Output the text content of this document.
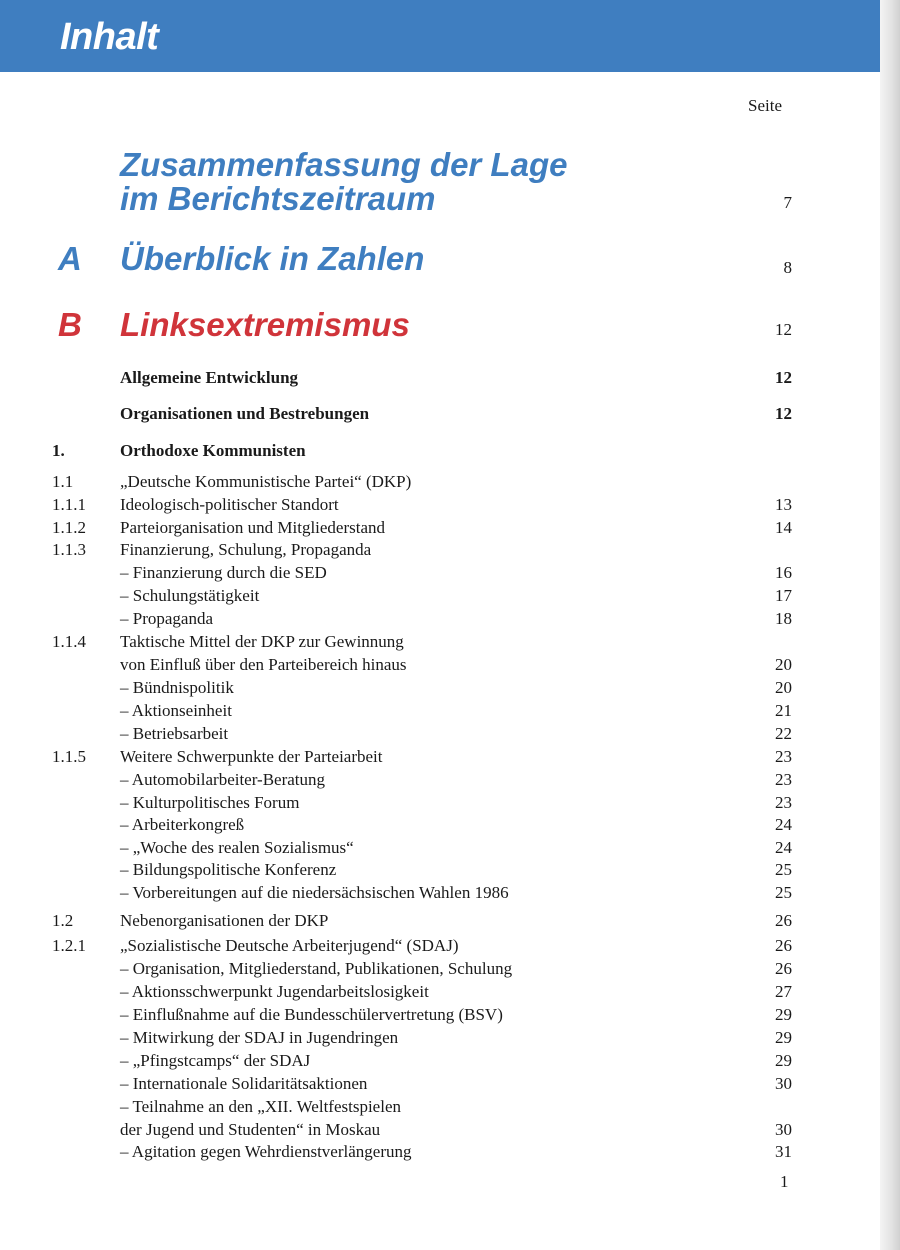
Inhalt
Seite
Zusammenfassung der Lage
im Berichtszeitraum	7
A Überblick in Zahlen	8
B Linksextremismus	12
Allgemeine Entwicklung	12
Organisationen und Bestrebungen	12
1.	Orthodoxe Kommunisten
1.1	„Deutsche Kommunistische Partei“ (DKP)
1.1.1 Ideologisch-politischer Standort	13
1.1.2 Parteiorganisation und Mitgliederstand	14
1.1.3 Finanzierung, Schulung, Propaganda
– Finanzierung durch die SED	16
– Schulungstätigkeit	17
– Propaganda	18
1.1.4 Taktische Mittel der DKP zur Gewinnung
von Einfluß über den Parteibereich hinaus	20
– Bündnispolitik	20
– Aktionseinheit	21
– Betriebsarbeit	22
1.1.5 Weitere Schwerpunkte der Parteiarbeit	23
– Automobilarbeiter-Beratung	23
– Kulturpolitisches Forum	23
– Arbeiterkongreß	24
– „Woche des realen Sozialismus“	24
– Bildungspolitische Konferenz	25
– Vorbereitungen auf die niedersächsischen Wahlen 1986	25
1.2	Nebenorganisationen der DKP	26
1.2.1 „Sozialistische Deutsche Arbeiterjugend“ (SDAJ)	26
– Organisation, Mitgliederstand, Publikationen, Schulung	26
– Aktionsschwerpunkt Jugendarbeitslosigkeit	27
– Einflußnahme auf die Bundesschülervertretung (BSV)	29
– Mitwirkung der SDAJ in Jugendringen	29
– „Pfingstcamps“ der SDAJ	29
– Internationale Solidaritätsaktionen	30
– Teilnahme an den „XII. Weltfestspielen
der Jugend und Studenten“ in Moskau	30
– Agitation gegen Wehrdienstverlängerung	31
1
